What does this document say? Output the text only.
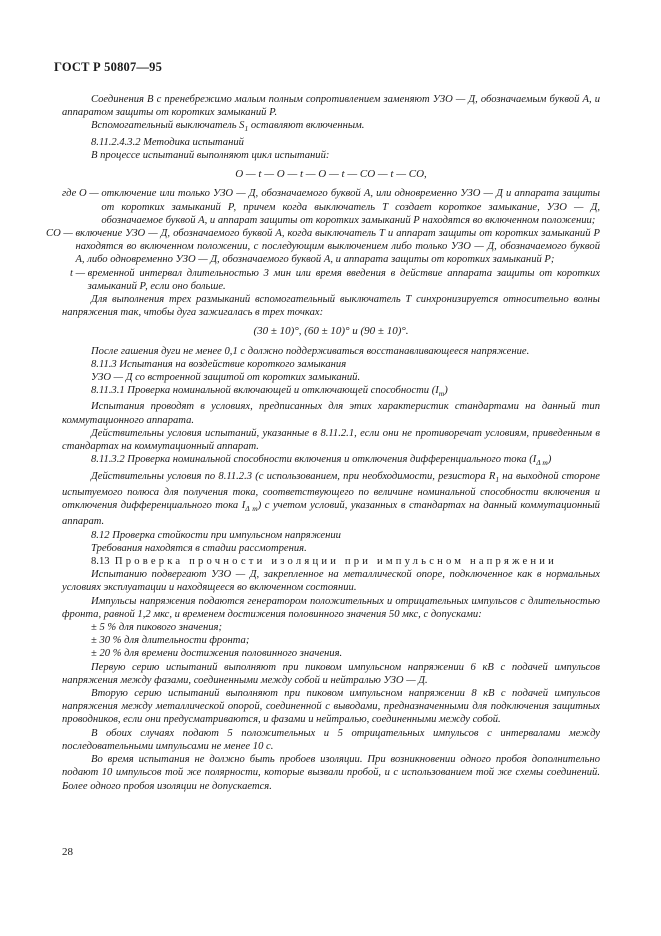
ГОСТ Р 50807—95

Соединения В с пренебрежимо малым полным сопротивлением заменяют УЗО — Д, обозначаемым буквой А, и аппаратом защиты от коротких замыканий Р.

Вспомогательный выключатель $S_1$ оставляют включенным.

8.11.2.4.3.2 Методика испытаний

В процессе испытаний выполняют цикл испытаний:

O — t — O — t — O — t — CO — t — CO,
где O — отключение или только УЗО — Д, обозначаемого буквой А, или одновременно УЗО — Д и аппарата защиты от коротких замыканий Р, причем когда выключатель Т создает короткое замыкание, УЗО — Д, обозначаемое буквой А, и аппарат защиты от коротких замыканий Р находятся во включенном положении;
CO — включение УЗО — Д, обозначаемого буквой А, когда выключатель Т и аппарат защиты от коротких замыканий Р находятся во включенном положении, с последующим выключением либо только УЗО — Д, обозначаемого буквой А, либо одновременно УЗО — Д, обозначаемого буквой А, и аппарата защиты от коротких замыканий Р;
t — временной интервал длительностью 3 мин или время введения в действие аппарата защиты от коротких замыканий Р, если оно больше.

Для выполнения трех размыканий вспомогательный выключатель Т синхронизируется относительно волны напряжения так, чтобы дуга зажигалась в трех точках:

(30 ± 10)°, (60 ± 10)° и (90 ± 10)°.

После гашения дуги не менее 0,1 с должно поддерживаться восстанавливающееся напряжение.

8.11.3 Испытания на воздействие короткого замыкания

УЗО — Д со встроенной защитой от коротких замыканий.

8.11.3.1 Проверка номинальной включающей и отключающей способности $(I_m)$

Испытания проводят в условиях, предписанных для этих характеристик стандартами на данный тип коммутационного аппарата.

Действительны условия испытаний, указанные в 8.11.2.1, если они не противоречат условиям, приведенным в стандартах на коммутационный аппарат.

8.11.3.2 Проверка номинальной способности включения и отключения дифференциального тока $(I_{\Delta m})$

Действительны условия по 8.11.2.3 (с использованием, при необходимости, резистора $R_1$ на выходной стороне испытуемого полюса для получения тока, соответствующего по величине номинальной способности включения и отключения дифференциального тока $I_{\Delta m}$) с учетом условий, указанных в стандартах на данный коммутационный аппарат.

8.12 Проверка стойкости при импульсном напряжении

Требования находятся в стадии рассмотрения.

8.13  Проверка прочности изоляции при импульсном напряжении

Испытанию подвергают УЗО — Д, закрепленное на металлической опоре, подключенное как в нормальных условиях эксплуатации и находящееся во включенном состоянии.

Импульсы напряжения подаются генератором положительных и отрицательных импульсов с длительностью фронта, равной 1,2 мкс, и временем достижения половинного значения 50 мкс, с допусками:

± 5 % для пикового значения;

± 30 % для длительности фронта;

± 20 % для времени достижения половинного значения.

Первую серию испытаний выполняют при пиковом импульсном напряжении 6 кВ с подачей импульсов напряжения между фазами, соединенными между собой и нейтралью УЗО — Д.

Вторую серию испытаний выполняют при пиковом импульсном напряжении 8 кВ с подачей импульсов напряжения между металлической опорой, соединенной с выводами, предназначенными для подключения защитных проводников, если они предусматриваются, и фазами и нейтралью, соединенными между собой.

В обоих случаях подают 5 положительных и 5 отрицательных импульсов с интервалами между последовательными импульсами не менее 10 с.

Во время испытания не должно быть пробоев изоляции. При возникновении одного пробоя дополнительно подают 10 импульсов той же полярности, которые вызвали пробой, и с использованием той же схемы соединений. Более одного пробоя изоляции не допускается.

28
